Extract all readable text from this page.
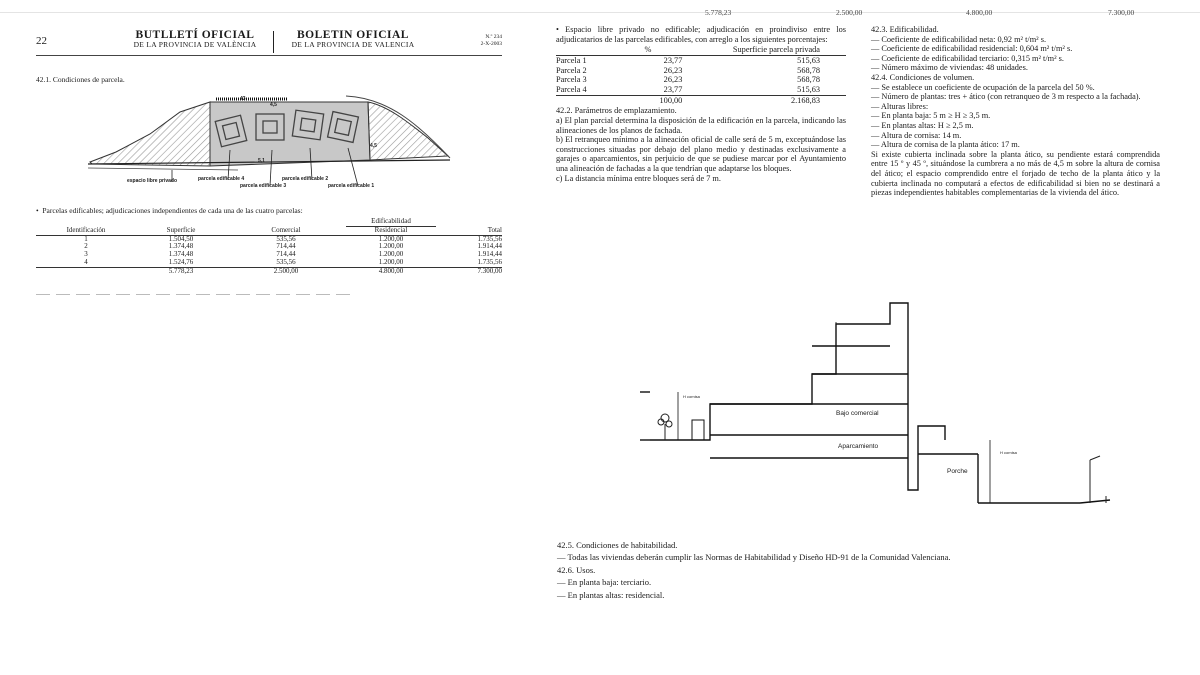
5.778,23	2.500,00	4.800,00	7.300,00
22	BUTLLETÍ OFICIAL
DE LA PROVINCIA DE VALÈNCIA
BOLETIN OFICIAL
DE LA PROVINCIA DE VALENCIA
N.º 234
2-X-2003
42.1. Condiciones de parcela.
43
4,5
4,5
5,1
espacio libre privado	parcela edificable 4	parcela edificable 2
parcela edificable 3	parcela edificable 1
•  Parcelas edificables; adjudicaciones independientes de cada una de las cuatro parcelas:
			Edificabilidad	
Identificación	Superficie	Comercial	Residencial	Total
1	1.504,50	535,56	1.200,00	1.735,56
2	1.374,48	714,44	1.200,00	1.914,44
3	1.374,48	714,44	1.200,00	1.914,44
4	1.524,76	535,56	1.200,00	1.735,56
	5.778,23	2.500,00	4.800,00	7.300,00

• Espacio libre privado no edificable; adjudicación en proindiviso entre los adjudicatarios de las parcelas edificables, con arreglo a los siguientes porcentajes:

	%	Superficie parcela privada
Parcela 1	23,77	515,63
Parcela 2	26,23	568,78
Parcela 3	26,23	568,78
Parcela 4	23,77	515,63
	100,00	2.168,83

42.2. Parámetros de emplazamiento.

a) El plan parcial determina la disposición de la edificación en la parcela, indicando las alineaciones de los planos de fachada.

b) El retranqueo mínimo a la alineación oficial de calle será de 5 m, exceptuándose las construcciones situadas por debajo del plano medio y destinadas exclusivamente a garajes o aparcamientos, sin perjuicio de que se pudiese marcar por el Ayuntamiento una alineación de fachadas a la que tendrían que adaptarse los bloques.

c) La distancia mínima entre bloques será de 7 m.

42.3. Edificabilidad.

— Coeficiente de edificabilidad neta: 0,92 m² t/m² s.

— Coeficiente de edificabilidad residencial: 0,604 m² t/m² s.

— Coeficiente de edificabilidad terciario: 0,315 m² t/m² s.

— Número máximo de viviendas: 48 unidades.

42.4. Condiciones de volumen.

— Se establece un coeficiente de ocupación de la parcela del 50 %.

— Número de plantas: tres + ático (con retranqueo de 3 m respecto a la fachada).

— Alturas libres:

— En planta baja: 5 m ≥ H ≥ 3,5 m.

— En plantas altas: H ≥ 2,5 m.

— Altura de cornisa: 14 m.

— Altura de cornisa de la planta ático: 17 m.

Si existe cubierta inclinada sobre la planta ático, su pendiente estará comprendida entre 15 º y 45 º, situándose la cumbrera a no más de 4,5 m sobre la altura de cornisa del ático; el espacio comprendido entre el forjado de techo de la planta ático y la cubierta inclinada no computará a efectos de edificabilidad si bien no se destinará a piezas independientes habitables complementarias de la vivienda del ático.

H cornisa
H cornisa
Bajo comercial
Aparcamiento
Porche

42.5. Condiciones de habitabilidad.

— Todas las viviendas deberán cumplir las Normas de Habitabilidad y Diseño HD-91 de la Comunidad Valenciana.

42.6. Usos.

— En planta baja: terciario.

— En plantas altas: residencial.
